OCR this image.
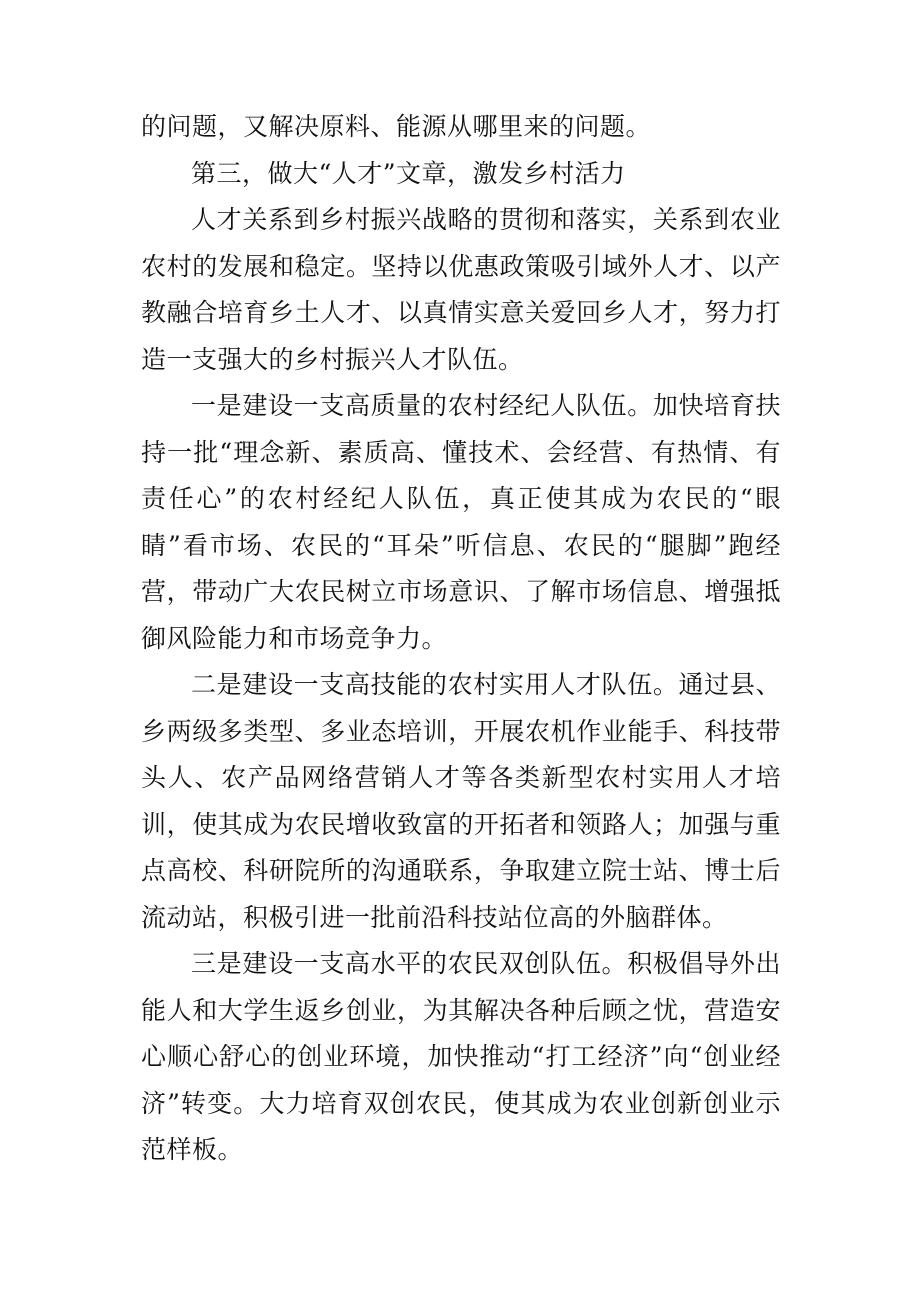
的问题，又解决原料、能源从哪里来的问题。

第三，做大“人才”文章，激发乡村活力

人才关系到乡村振兴战略的贯彻和落实，关系到农业农村的发展和稳定。坚持以优惠政策吸引域外人才、以产教融合培育乡土人才、以真情实意关爱回乡人才，努力打造一支强大的乡村振兴人才队伍。

一是建设一支高质量的农村经纪人队伍。加快培育扶持一批“理念新、素质高、懂技术、会经营、有热情、有责任心”的农村经纪人队伍，真正使其成为农民的“眼睛”看市场、农民的“耳朵”听信息、农民的“腿脚”跑经营，带动广大农民树立市场意识、了解市场信息、增强抵御风险能力和市场竞争力。

二是建设一支高技能的农村实用人才队伍。通过县、乡两级多类型、多业态培训，开展农机作业能手、科技带头人、农产品网络营销人才等各类新型农村实用人才培训，使其成为农民增收致富的开拓者和领路人；加强与重点高校、科研院所的沟通联系，争取建立院士站、博士后流动站，积极引进一批前沿科技站位高的外脑群体。

三是建设一支高水平的农民双创队伍。积极倡导外出能人和大学生返乡创业，为其解决各种后顾之忧，营造安心顺心舒心的创业环境，加快推动“打工经济”向“创业经济”转变。大力培育双创农民，使其成为农业创新创业示范样板。
